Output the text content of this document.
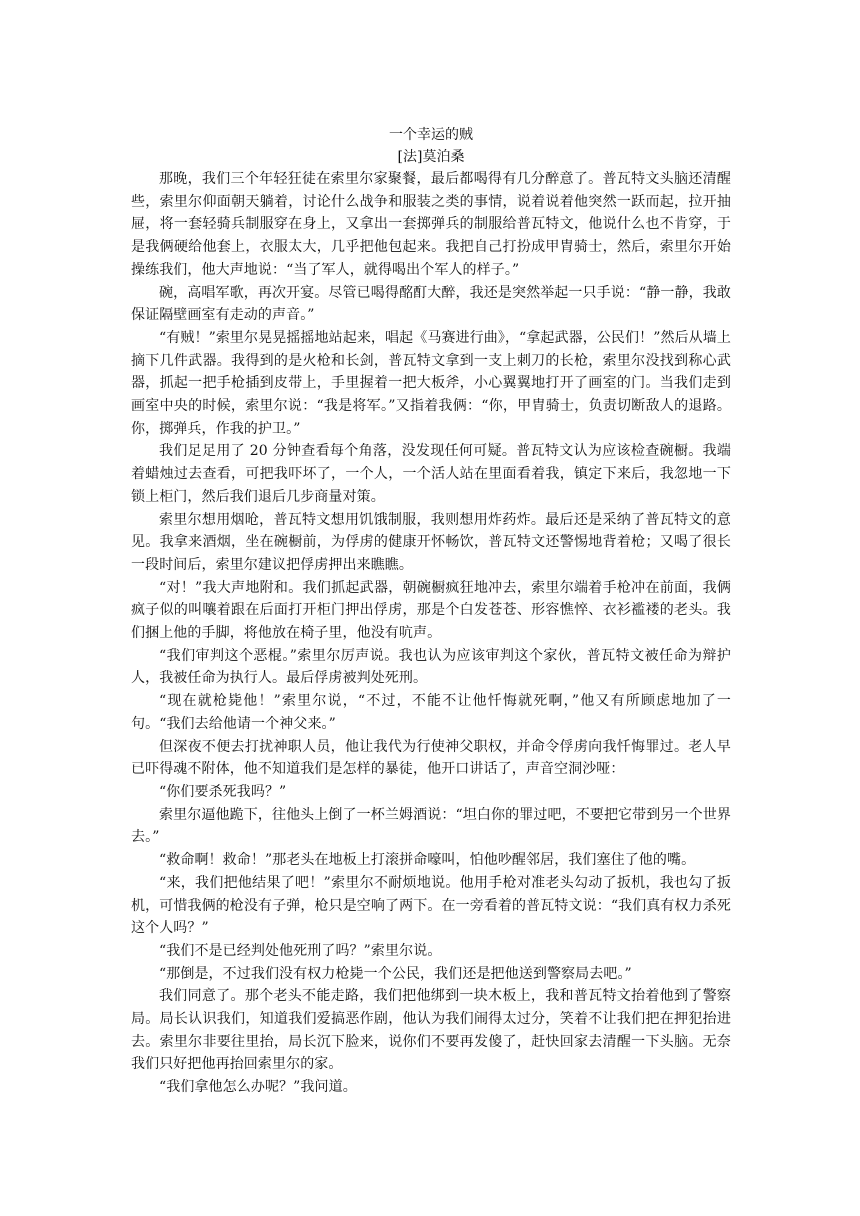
一个幸运的贼
[法]莫泊桑

那晚，我们三个年轻狂徒在索里尔家聚餐，最后都喝得有几分醉意了。普瓦特文头脑还清醒些，索里尔仰面朝天躺着，讨论什么战争和服装之类的事情，说着说着他突然一跃而起，拉开抽屉，将一套轻骑兵制服穿在身上，又拿出一套掷弹兵的制服给普瓦特文，他说什么也不肯穿，于是我俩硬给他套上，衣服太大，几乎把他包起来。我把自己打扮成甲胄骑士，然后，索里尔开始操练我们，他大声地说：“当了军人，就得喝出个军人的样子。”

碗，高唱军歌，再次开宴。尽管已喝得酩酊大醉，我还是突然举起一只手说：“静一静，我敢保证隔壁画室有走动的声音。”

“有贼！”索里尔晃晃摇摇地站起来，唱起《马赛进行曲》，“拿起武器，公民们！”然后从墙上摘下几件武器。我得到的是火枪和长剑，普瓦特文拿到一支上刺刀的长枪，索里尔没找到称心武器，抓起一把手枪插到皮带上，手里握着一把大板斧，小心翼翼地打开了画室的门。当我们走到画室中央的时候，索里尔说：“我是将军。”又指着我俩：“你，甲胄骑士，负责切断敌人的退路。你，掷弹兵，作我的护卫。”

我们足足用了 20 分钟查看每个角落，没发现任何可疑。普瓦特文认为应该检查碗橱。我端着蜡烛过去查看，可把我吓坏了，一个人，一个活人站在里面看着我，镇定下来后，我忽地一下锁上柜门，然后我们退后几步商量对策。

索里尔想用烟呛，普瓦特文想用饥饿制服，我则想用炸药炸。最后还是采纳了普瓦特文的意见。我拿来酒烟，坐在碗橱前，为俘虏的健康开怀畅饮，普瓦特文还警惕地背着枪；又喝了很长一段时间后，索里尔建议把俘虏押出来瞧瞧。

“对！”我大声地附和。我们抓起武器，朝碗橱疯狂地冲去，索里尔端着手枪冲在前面，我俩疯子似的叫嚷着跟在后面打开柜门押出俘虏，那是个白发苍苍、形容憔悴、衣衫褴褛的老头。我们捆上他的手脚，将他放在椅子里，他没有吭声。

“我们审判这个恶棍。”索里尔厉声说。我也认为应该审判这个家伙，普瓦特文被任命为辩护人，我被任命为执行人。最后俘虏被判处死刑。

“现在就枪毙他！”索里尔说，“不过，不能不让他忏悔就死啊，”他又有所顾虑地加了一句。“我们去给他请一个神父来。”

但深夜不便去打扰神职人员，他让我代为行使神父职权，并命令俘虏向我忏悔罪过。老人早已吓得魂不附体，他不知道我们是怎样的暴徒，他开口讲话了，声音空洞沙哑：

“你们要杀死我吗？”

索里尔逼他跪下，往他头上倒了一杯兰姆酒说：“坦白你的罪过吧，不要把它带到另一个世界去。”

“救命啊！救命！”那老头在地板上打滚拼命嚎叫，怕他吵醒邻居，我们塞住了他的嘴。

“来，我们把他结果了吧！”索里尔不耐烦地说。他用手枪对准老头勾动了扳机，我也勾了扳机，可惜我俩的枪没有子弹，枪只是空响了两下。在一旁看着的普瓦特文说：“我们真有权力杀死这个人吗？”

“我们不是已经判处他死刑了吗？”索里尔说。

“那倒是，不过我们没有权力枪毙一个公民，我们还是把他送到警察局去吧。”

我们同意了。那个老头不能走路，我们把他绑到一块木板上，我和普瓦特文抬着他到了警察局。局长认识我们，知道我们爱搞恶作剧，他认为我们闹得太过分，笑着不让我们把在押犯抬进去。索里尔非要往里抬，局长沉下脸来，说你们不要再发傻了，赶快回家去清醒一下头脑。无奈我们只好把他再抬回索里尔的家。

“我们拿他怎么办呢？”我问道。
